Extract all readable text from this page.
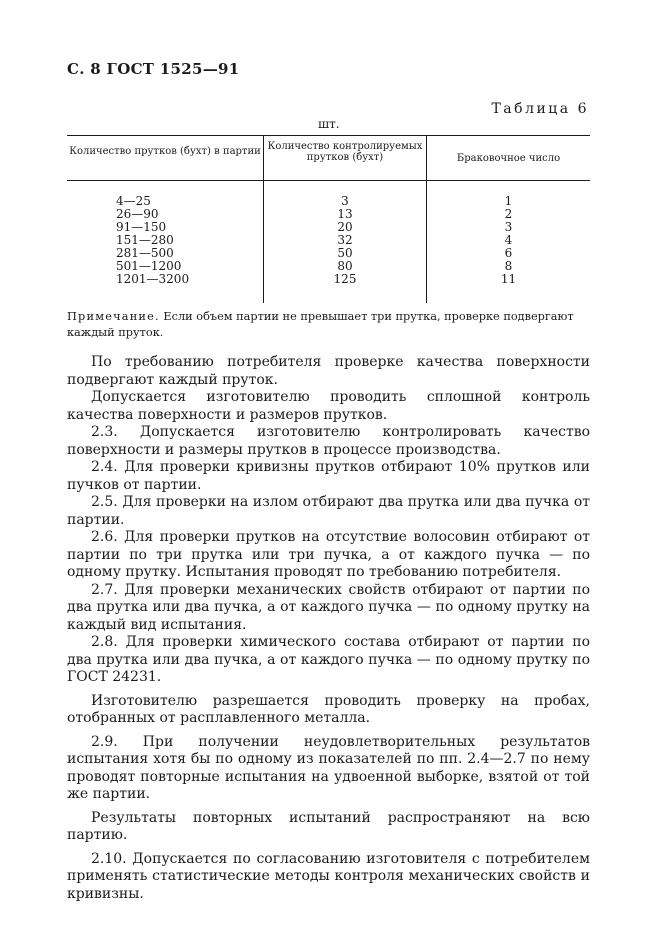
С. 8 ГОСТ 1525—91
Таблица 6
шт.
Количество прутков (бухт) в партии Количество контролируемых прутков (бухт)	Браковочное число
4—25
26—90
91—150
151—280
281—500
501—1200
1201—3200
3
13
20
32
50
80
125
1
2
3
4
6
8
11
Примечание. Если объем партии не превышает три прутка, проверке подвергают каждый пруток.
По требованию потребителя проверке качества поверхности подвергают каждый пруток.
Допускается изготовителю проводить сплошной контроль качества поверхности и размеров прутков.
2.3. Допускается изготовителю контролировать качество поверхности и размеры прутков в процессе производства.
2.4. Для проверки кривизны прутков отбирают 10% прутков или пучков от партии.
2.5. Для проверки на излом отбирают два прутка или два пучка от партии.
2.6. Для проверки прутков на отсутствие волосовин отбирают от партии по три прутка или три пучка, а от каждого пучка — по одному прутку. Испытания проводят по требованию потребителя.
2.7. Для проверки механических свойств отбирают от партии по два прутка или два пучка, а от каждого пучка — по одному прутку на каждый вид испытания.
2.8. Для проверки химического состава отбирают от партии по два прутка или два пучка, а от каждого пучка — по одному прутку по ГОСТ 24231.
Изготовителю разрешается проводить проверку на пробах, отобранных от расплавленного металла.
2.9. При получении неудовлетворительных результатов испытания хотя бы по одному из показателей по пп. 2.4—2.7 по нему проводят повторные испытания на удвоенной выборке, взятой от той же партии.
Результаты повторных испытаний распространяют на всю партию.
2.10. Допускается по согласованию изготовителя с потребителем применять статистические методы контроля механических свойств и кривизны.
